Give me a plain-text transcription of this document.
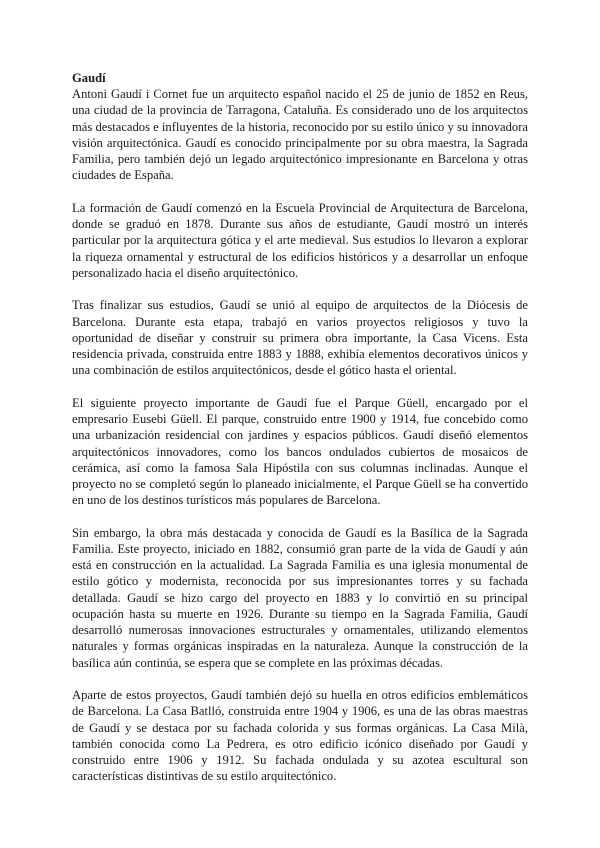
Gaudí

Antoni Gaudí i Cornet fue un arquitecto español nacido el 25 de junio de 1852 en Reus, una ciudad de la provincia de Tarragona, Cataluña. Es considerado uno de los arquitectos más destacados e influyentes de la historia, reconocido por su estilo único y su innovadora visión arquitectónica. Gaudí es conocido principalmente por su obra maestra, la Sagrada Familia, pero también dejó un legado arquitectónico impresionante en Barcelona y otras ciudades de España.

La formación de Gaudí comenzó en la Escuela Provincial de Arquitectura de Barcelona, donde se graduó en 1878. Durante sus años de estudiante, Gaudí mostró un interés particular por la arquitectura gótica y el arte medieval. Sus estudios lo llevaron a explorar la riqueza ornamental y estructural de los edificios históricos y a desarrollar un enfoque personalizado hacia el diseño arquitectónico.

Tras finalizar sus estudios, Gaudí se unió al equipo de arquitectos de la Diócesis de Barcelona. Durante esta etapa, trabajó en varios proyectos religiosos y tuvo la oportunidad de diseñar y construir su primera obra importante, la Casa Vicens. Esta residencia privada, construida entre 1883 y 1888, exhibía elementos decorativos únicos y una combinación de estilos arquitectónicos, desde el gótico hasta el oriental.

El siguiente proyecto importante de Gaudí fue el Parque Güell, encargado por el empresario Eusebi Güell. El parque, construido entre 1900 y 1914, fue concebido como una urbanización residencial con jardines y espacios públicos. Gaudí diseñó elementos arquitectónicos innovadores, como los bancos ondulados cubiertos de mosaicos de cerámica, así como la famosa Sala Hipóstila con sus columnas inclinadas. Aunque el proyecto no se completó según lo planeado inicialmente, el Parque Güell se ha convertido en uno de los destinos turísticos más populares de Barcelona.

Sin embargo, la obra más destacada y conocida de Gaudí es la Basílica de la Sagrada Familia. Este proyecto, iniciado en 1882, consumió gran parte de la vida de Gaudí y aún está en construcción en la actualidad. La Sagrada Familia es una iglesia monumental de estilo gótico y modernista, reconocida por sus impresionantes torres y su fachada detallada. Gaudí se hizo cargo del proyecto en 1883 y lo convirtió en su principal ocupación hasta su muerte en 1926. Durante su tiempo en la Sagrada Familia, Gaudí desarrolló numerosas innovaciones estructurales y ornamentales, utilizando elementos naturales y formas orgánicas inspiradas en la naturaleza. Aunque la construcción de la basílica aún continúa, se espera que se complete en las próximas décadas.

Aparte de estos proyectos, Gaudí también dejó su huella en otros edificios emblemáticos de Barcelona. La Casa Batlló, construida entre 1904 y 1906, es una de las obras maestras de Gaudí y se destaca por su fachada colorida y sus formas orgánicas. La Casa Milà, también conocida como La Pedrera, es otro edificio icónico diseñado por Gaudí y construido entre 1906 y 1912. Su fachada ondulada y su azotea escultural son características distintivas de su estilo arquitectónico.
